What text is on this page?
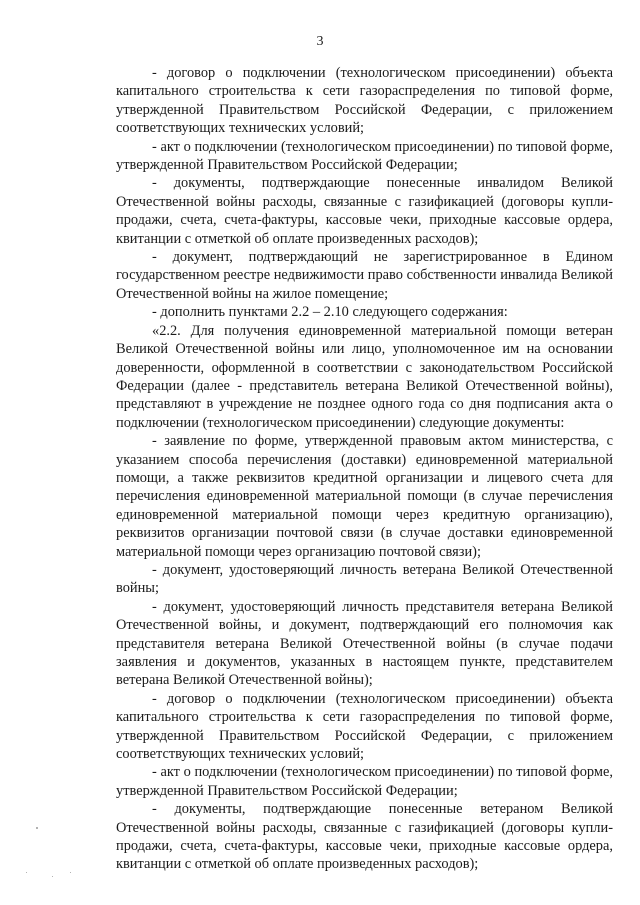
3

- договор о подключении (технологическом присоединении) объекта капитального строительства к сети газораспределения по типовой форме, утвержденной Правительством Российской Федерации, с приложением соответствующих технических условий;

- акт о подключении (технологическом присоединении) по типовой форме, утвержденной Правительством Российской Федерации;

- документы, подтверждающие понесенные инвалидом Великой Отечественной войны расходы, связанные с газификацией (договоры купли-продажи, счета, счета-фактуры, кассовые чеки, приходные кассовые ордера, квитанции с отметкой об оплате произведенных расходов);

- документ, подтверждающий не зарегистрированное в Едином государственном реестре недвижимости право собственности инвалида Великой Отечественной войны на жилое помещение;

- дополнить пунктами 2.2 – 2.10 следующего содержания:

«2.2. Для получения единовременной материальной помощи ветеран Великой Отечественной войны или лицо, уполномоченное им на основании доверенности, оформленной в соответствии с законодательством Российской Федерации (далее - представитель ветерана Великой Отечественной войны), представляют в учреждение не позднее одного года со дня подписания акта о подключении (технологическом присоединении) следующие документы:

- заявление по форме, утвержденной правовым актом министерства, с указанием способа перечисления (доставки) единовременной материальной помощи, а также реквизитов кредитной организации и лицевого счета для перечисления единовременной материальной помощи (в случае перечисления единовременной материальной помощи через кредитную организацию), реквизитов организации почтовой связи (в случае доставки единовременной материальной помощи через организацию почтовой связи);

- документ, удостоверяющий личность ветерана Великой Отечественной войны;

- документ, удостоверяющий личность представителя ветерана Великой Отечественной войны, и документ, подтверждающий его полномочия как представителя ветерана Великой Отечественной войны (в случае подачи заявления и документов, указанных в настоящем пункте, представителем ветерана Великой Отечественной войны);

- договор о подключении (технологическом присоединении) объекта капитального строительства к сети газораспределения по типовой форме, утвержденной Правительством Российской Федерации, с приложением соответствующих технических условий;

- акт о подключении (технологическом присоединении) по типовой форме, утвержденной Правительством Российской Федерации;

- документы, подтверждающие понесенные ветераном Великой Отечественной войны расходы, связанные с газификацией (договоры купли-продажи, счета, счета-фактуры, кассовые чеки, приходные кассовые ордера, квитанции с отметкой об оплате произведенных расходов);
